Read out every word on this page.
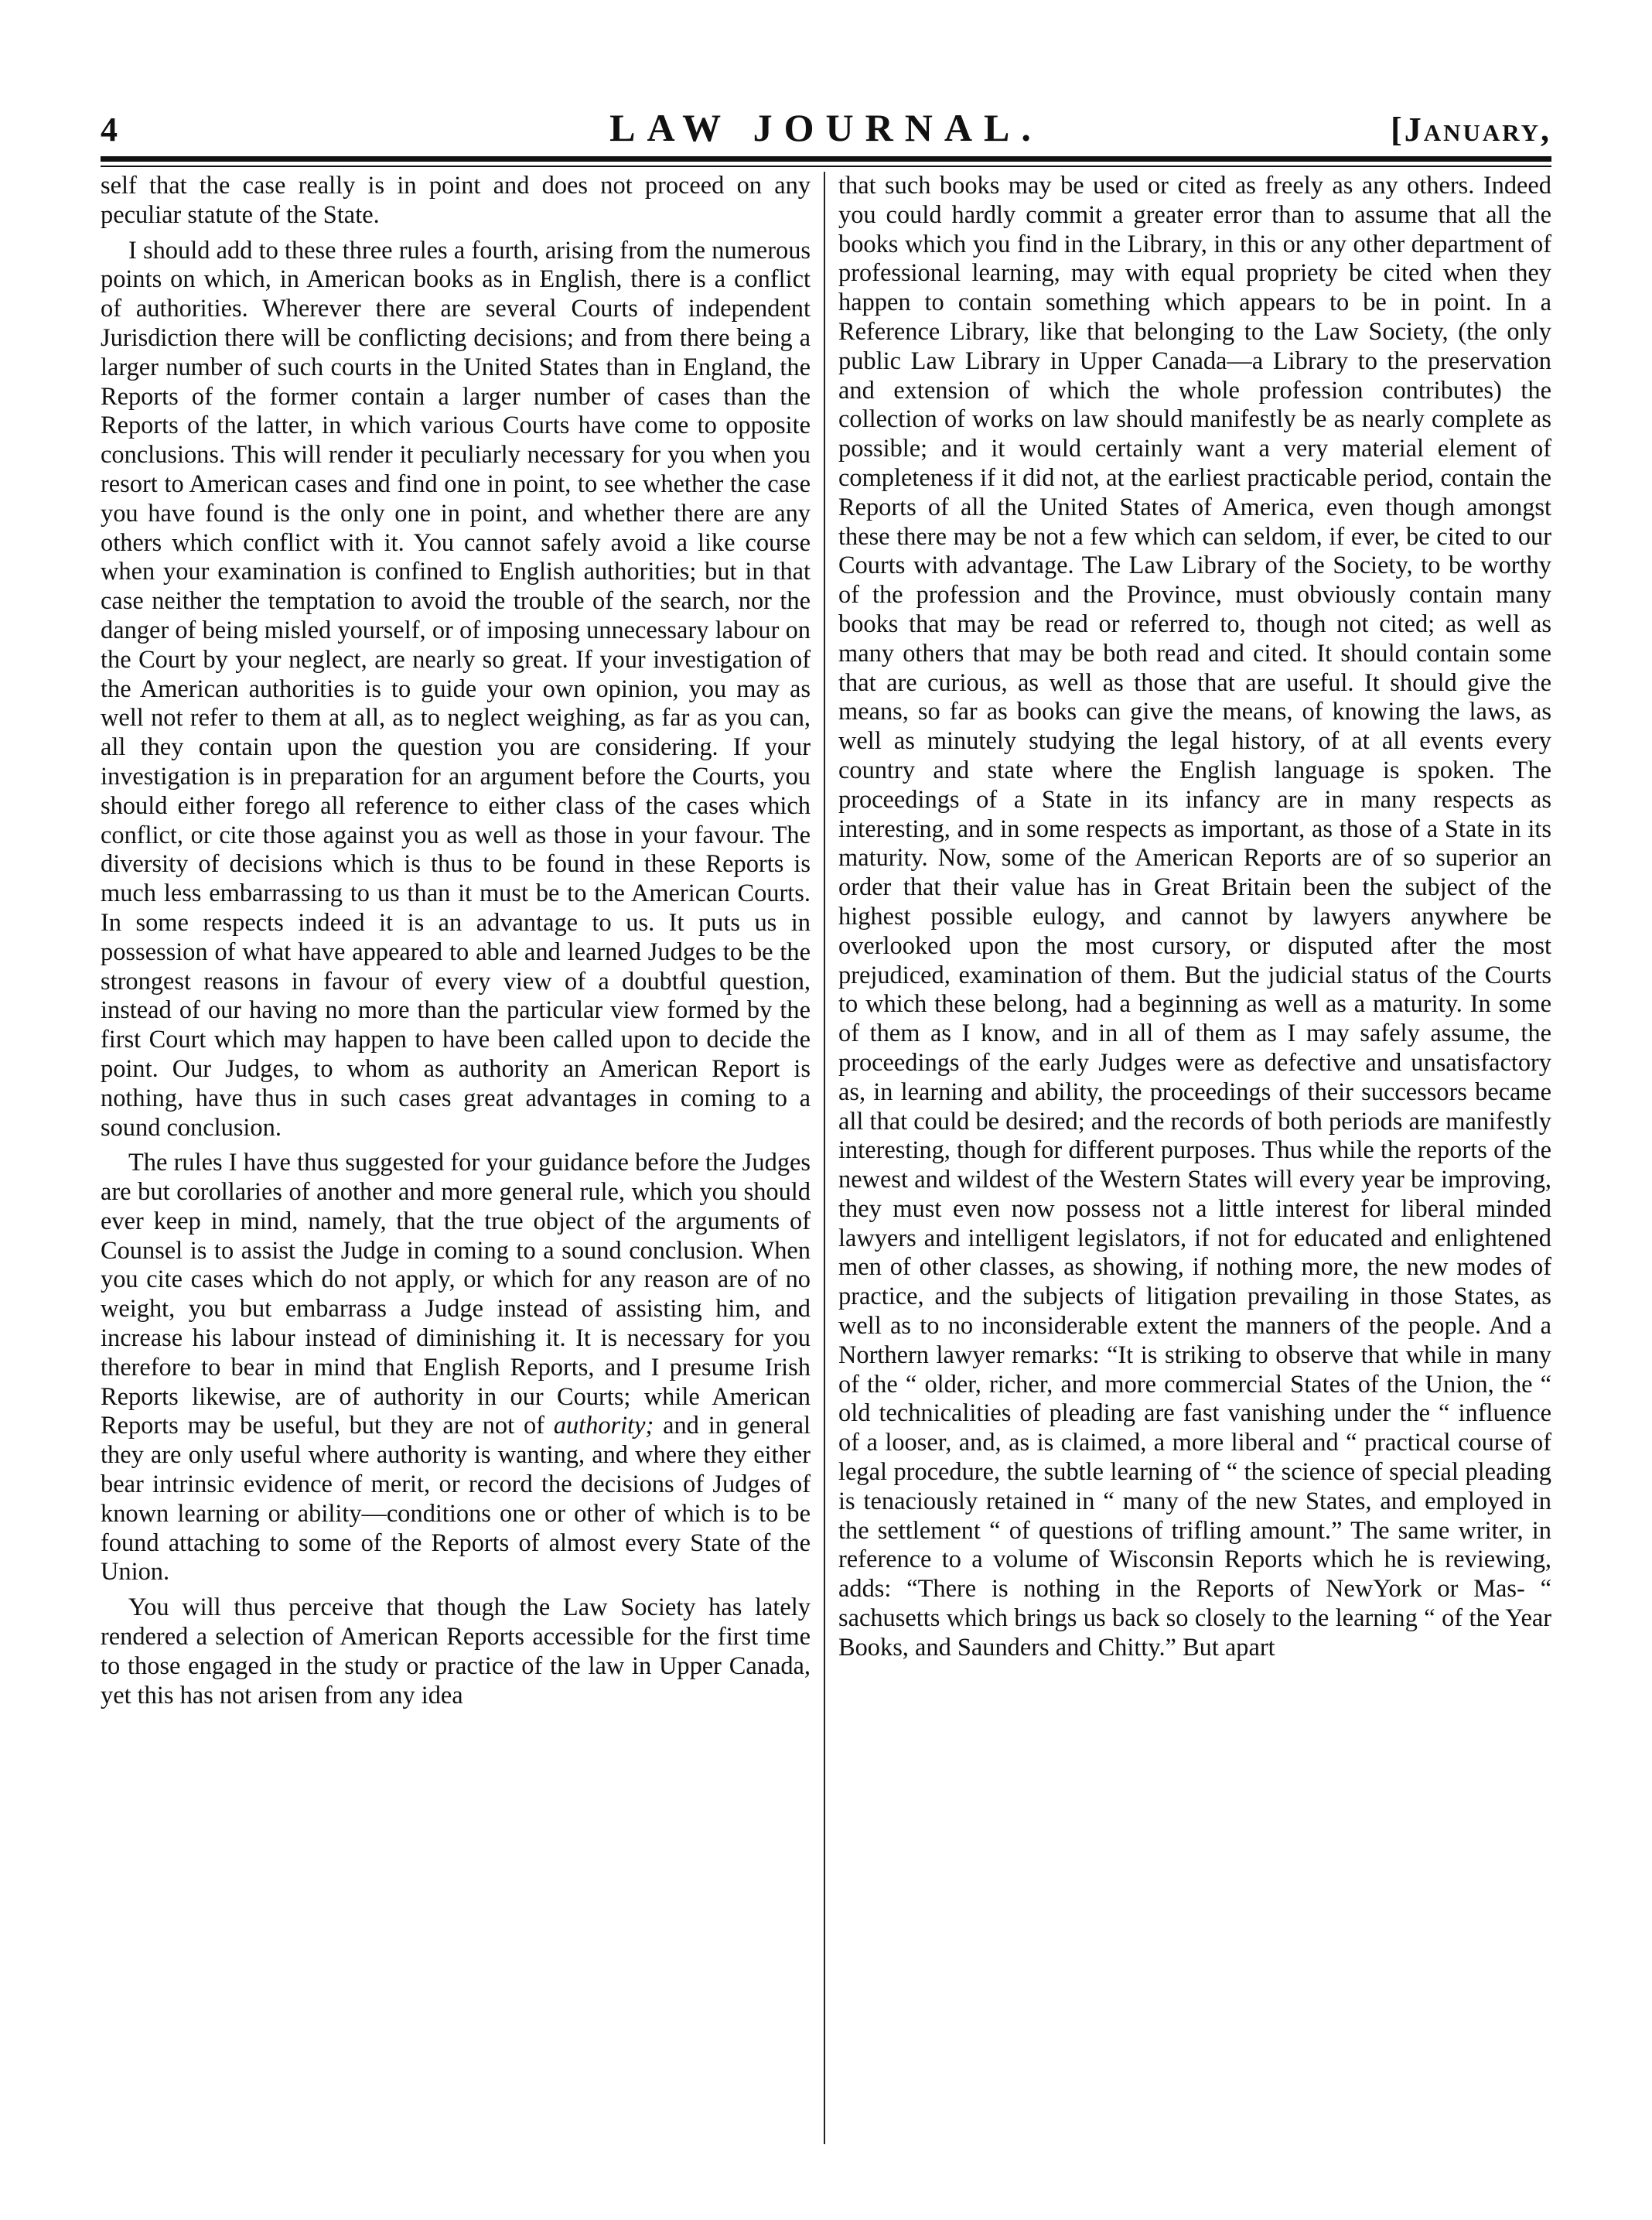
4	LAW JOURNAL.	[January,

self that the case really is in point and does not proceed on any peculiar statute of the State.

I should add to these three rules a fourth, arising from the numerous points on which, in American books as in English, there is a conflict of authorities. Wherever there are several Courts of independent Jurisdiction there will be conflicting decisions; and from there being a larger number of such courts in the United States than in England, the Reports of the former contain a larger number of cases than the Reports of the latter, in which various Courts have come to opposite conclusions. This will render it peculiarly necessary for you when you resort to American cases and find one in point, to see whether the case you have found is the only one in point, and whether there are any others which conflict with it. You cannot safely avoid a like course when your examination is confined to English authorities; but in that case neither the temptation to avoid the trouble of the search, nor the danger of being misled yourself, or of imposing unnecessary labour on the Court by your neglect, are nearly so great. If your investigation of the American authorities is to guide your own opinion, you may as well not refer to them at all, as to neglect weighing, as far as you can, all they contain upon the question you are considering. If your investigation is in preparation for an argument before the Courts, you should either forego all reference to either class of the cases which conflict, or cite those against you as well as those in your favour. The diversity of decisions which is thus to be found in these Reports is much less embarrassing to us than it must be to the American Courts. In some respects indeed it is an advantage to us. It puts us in possession of what have appeared to able and learned Judges to be the strongest reasons in favour of every view of a doubtful question, instead of our having no more than the particular view formed by the first Court which may happen to have been called upon to decide the point. Our Judges, to whom as authority an American Report is nothing, have thus in such cases great advantages in coming to a sound conclusion.

The rules I have thus suggested for your guidance before the Judges are but corollaries of another and more general rule, which you should ever keep in mind, namely, that the true object of the arguments of Counsel is to assist the Judge in coming to a sound conclusion. When you cite cases which do not apply, or which for any reason are of no weight, you but embarrass a Judge instead of assisting him, and increase his labour instead of diminishing it. It is necessary for you therefore to bear in mind that English Reports, and I presume Irish Reports likewise, are of authority in our Courts; while American Reports may be useful, but they are not of authority; and in general they are only useful where authority is wanting, and where they either bear intrinsic evidence of merit, or record the decisions of Judges of known learning or ability—conditions one or other of which is to be found attaching to some of the Reports of almost every State of the Union.

You will thus perceive that though the Law Society has lately rendered a selection of American Reports accessible for the first time to those engaged in the study or practice of the law in Upper Canada, yet this has not arisen from any idea

that such books may be used or cited as freely as any others. Indeed you could hardly commit a greater error than to assume that all the books which you find in the Library, in this or any other department of professional learning, may with equal propriety be cited when they happen to contain something which appears to be in point. In a Reference Library, like that belonging to the Law Society, (the only public Law Library in Upper Canada—a Library to the preservation and extension of which the whole profession contributes) the collection of works on law should manifestly be as nearly complete as possible; and it would certainly want a very material element of completeness if it did not, at the earliest practicable period, contain the Reports of all the United States of America, even though amongst these there may be not a few which can seldom, if ever, be cited to our Courts with advantage. The Law Library of the Society, to be worthy of the profession and the Province, must obviously contain many books that may be read or referred to, though not cited; as well as many others that may be both read and cited. It should contain some that are curious, as well as those that are useful. It should give the means, so far as books can give the means, of knowing the laws, as well as minutely studying the legal history, of at all events every country and state where the English language is spoken. The proceedings of a State in its infancy are in many respects as interesting, and in some respects as important, as those of a State in its maturity. Now, some of the American Reports are of so superior an order that their value has in Great Britain been the subject of the highest possible eulogy, and cannot by lawyers anywhere be overlooked upon the most cursory, or disputed after the most prejudiced, examination of them. But the judicial status of the Courts to which these belong, had a beginning as well as a maturity. In some of them as I know, and in all of them as I may safely assume, the proceedings of the early Judges were as defective and unsatisfactory as, in learning and ability, the proceedings of their successors became all that could be desired; and the records of both periods are manifestly interesting, though for different purposes. Thus while the reports of the newest and wildest of the Western States will every year be improving, they must even now possess not a little interest for liberal minded lawyers and intelligent legislators, if not for educated and enlightened men of other classes, as showing, if nothing more, the new modes of practice, and the subjects of litigation prevailing in those States, as well as to no inconsiderable extent the manners of the people. And a Northern lawyer remarks: “It is striking to observe that while in many of the “ older, richer, and more commercial States of the Union, the “ old technicalities of pleading are fast vanishing under the “ influence of a looser, and, as is claimed, a more liberal and “ practical course of legal procedure, the subtle learning of “ the science of special pleading is tenaciously retained in “ many of the new States, and employed in the settlement “ of questions of trifling amount.” The same writer, in reference to a volume of Wisconsin Reports which he is reviewing, adds: “There is nothing in the Reports of NewYork or Mas- “ sachusetts which brings us back so closely to the learning “ of the Year Books, and Saunders and Chitty.” But apart
